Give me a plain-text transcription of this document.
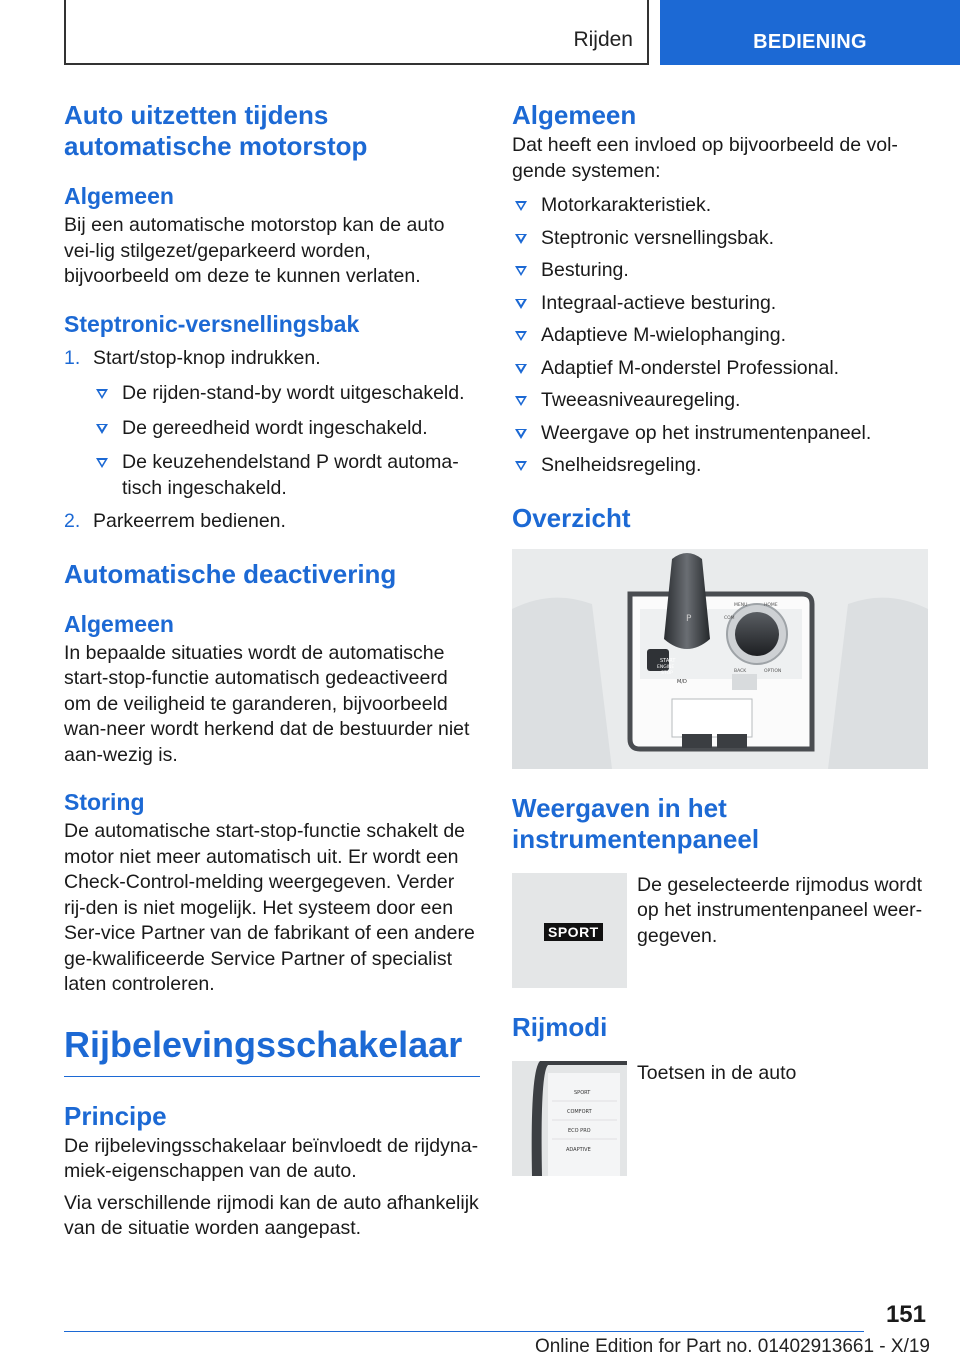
Rijden	BEDIENING
Auto uitzetten tijdens automatische motorstop
Algemeen
Bij een automatische motorstop kan de auto vei-lig stilgezet/geparkeerd worden, bijvoorbeeld om deze te kunnen verlaten.
Steptronic-versnellingsbak
1. Start/stop-knop indrukken.
De rijden-stand-by wordt uitgeschakeld.
De gereedheid wordt ingeschakeld.
De keuzehendelstand P wordt automa-tisch ingeschakeld.
2. Parkeerrem bedienen.
Automatische deactivering
Algemeen
In bepaalde situaties wordt de automatische start-stop-functie automatisch gedeactiveerd om de veiligheid te garanderen, bijvoorbeeld wan-neer wordt herkend dat de bestuurder niet aan-wezig is.
Storing
De automatische start-stop-functie schakelt de motor niet meer automatisch uit. Er wordt een Check-Control-melding weergegeven. Verder rij-den is niet mogelijk. Het systeem door een Ser-vice Partner van de fabrikant of een andere ge-kwalificeerde Service Partner of specialist laten controleren.
Rijbelevingsschakelaar
Principe
De rijbelevingsschakelaar beïnvloedt de rijdyna-miek-eigenschappen van de auto.
Via verschillende rijmodi kan de auto afhankelijk van de situatie worden aangepast.
Algemeen
Dat heeft een invloed op bijvoorbeeld de vol-gende systemen:
Motorkarakteristiek.
Steptronic versnellingsbak.
Besturing.
Integraal-actieve besturing.
Adaptieve M-wielophanging.
Adaptief M-onderstel Professional.
Tweeasniveauregeling.
Weergave op het instrumentenpaneel.
Snelheidsregeling.
Overzicht
START
ENGINE
STOP
P
M/D
MENU	HOME
BACK	OPTION
COM
Weergaven in het instrumentenpaneel
SPORT
De geselecteerde rijmodus wordt op het instrumentenpaneel weer-gegeven.
Rijmodi
SPORT
COMFORT
ECO PRO
ADAPTIVE
Toetsen in de auto
151
Online Edition for Part no. 01402913661 - X/19
